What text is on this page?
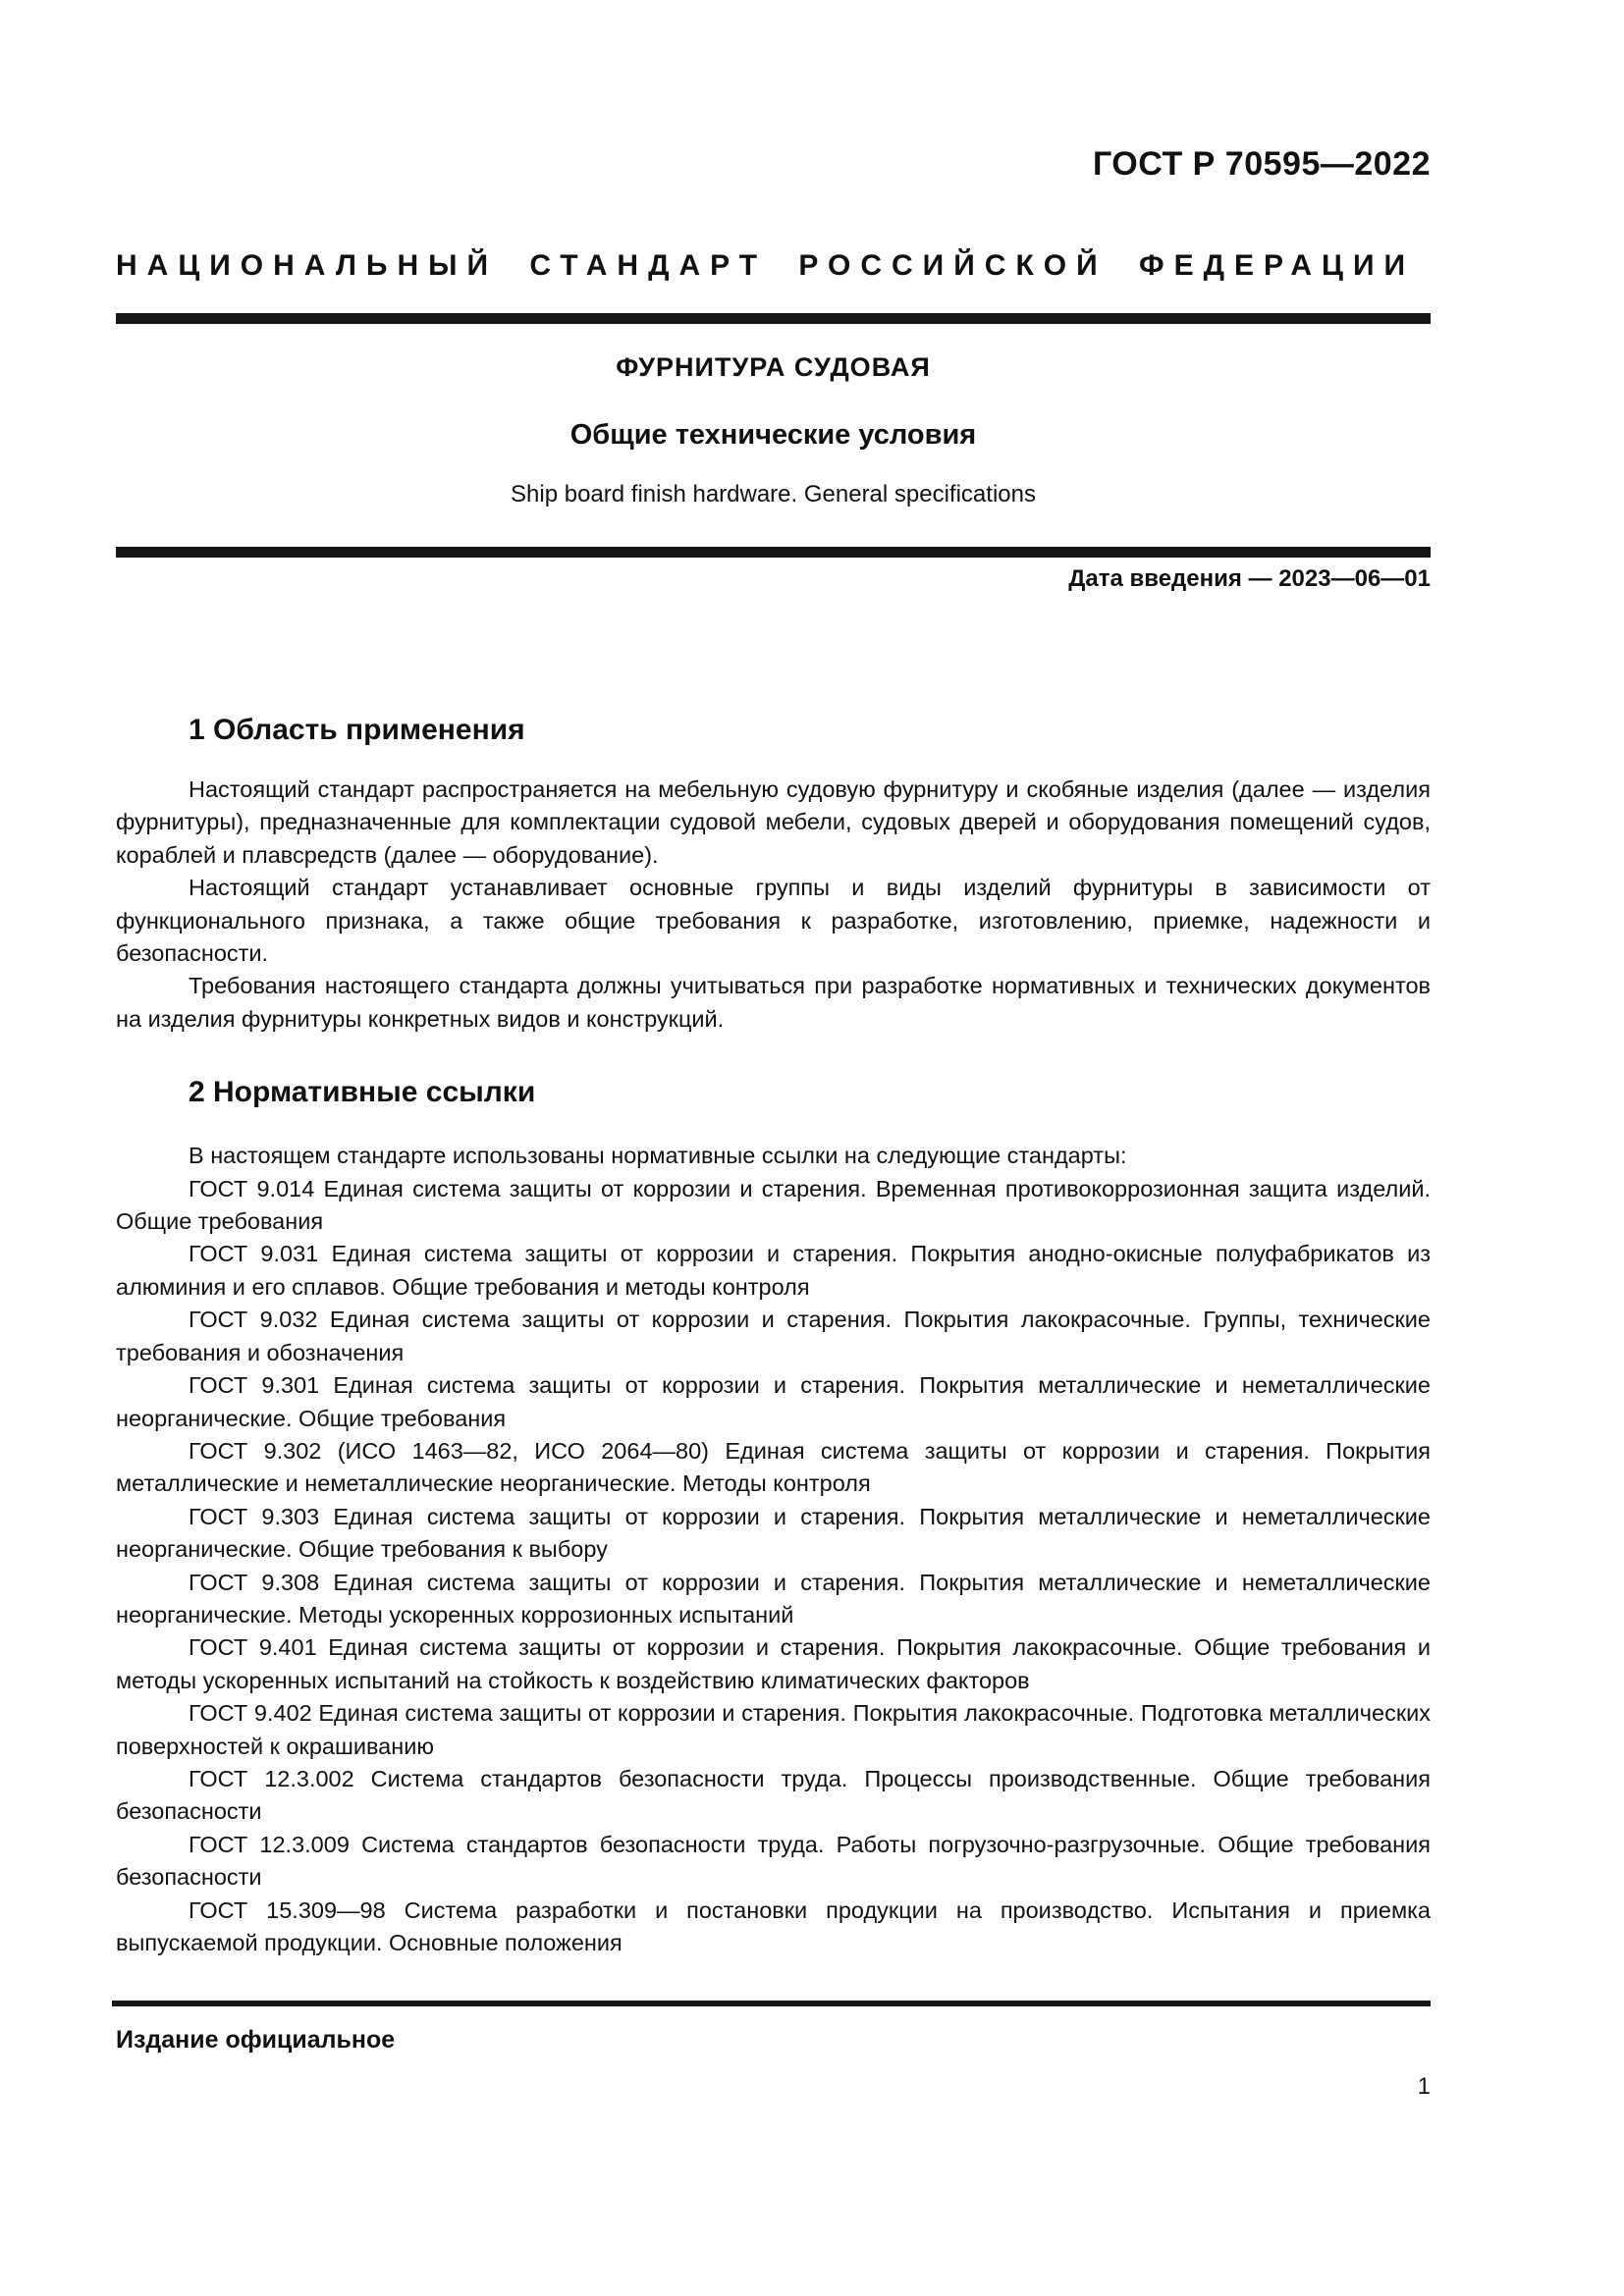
ГОСТ Р 70595—2022
НАЦИОНАЛЬНЫЙ СТАНДАРТ РОССИЙСКОЙ ФЕДЕРАЦИИ
ФУРНИТУРА СУДОВАЯ
Общие технические условия
Ship board finish hardware. General specifications
Дата введения — 2023—06—01
1 Область применения

Настоящий стандарт распространяется на мебельную судовую фурнитуру и скобяные изделия (далее — изделия фурнитуры), предназначенные для комплектации судовой мебели, судовых дверей и оборудования помещений судов, кораблей и плавсредств (далее — оборудование).

Настоящий стандарт устанавливает основные группы и виды изделий фурнитуры в зависимости от функционального признака, а также общие требования к разработке, изготовлению, приемке, надежности и безопасности.

Требования настоящего стандарта должны учитываться при разработке нормативных и технических документов на изделия фурнитуры конкретных видов и конструкций.

2 Нормативные ссылки

В настоящем стандарте использованы нормативные ссылки на следующие стандарты:

ГОСТ 9.014 Единая система защиты от коррозии и старения. Временная противокоррозионная защита изделий. Общие требования

ГОСТ 9.031 Единая система защиты от коррозии и старения. Покрытия анодно-окисные полуфабрикатов из алюминия и его сплавов. Общие требования и методы контроля

ГОСТ 9.032 Единая система защиты от коррозии и старения. Покрытия лакокрасочные. Группы, технические требования и обозначения

ГОСТ 9.301 Единая система защиты от коррозии и старения. Покрытия металлические и неметаллические неорганические. Общие требования

ГОСТ 9.302 (ИСО 1463—82, ИСО 2064—80) Единая система защиты от коррозии и старения. Покрытия металлические и неметаллические неорганические. Методы контроля

ГОСТ 9.303 Единая система защиты от коррозии и старения. Покрытия металлические и неметаллические неорганические. Общие требования к выбору

ГОСТ 9.308 Единая система защиты от коррозии и старения. Покрытия металлические и неметаллические неорганические. Методы ускоренных коррозионных испытаний

ГОСТ 9.401 Единая система защиты от коррозии и старения. Покрытия лакокрасочные. Общие требования и методы ускоренных испытаний на стойкость к воздействию климатических факторов

ГОСТ 9.402 Единая система защиты от коррозии и старения. Покрытия лакокрасочные. Подготовка металлических поверхностей к окрашиванию

ГОСТ 12.3.002 Система стандартов безопасности труда. Процессы производственные. Общие требования безопасности

ГОСТ 12.3.009 Система стандартов безопасности труда. Работы погрузочно-разгрузочные. Общие требования безопасности

ГОСТ 15.309—98 Система разработки и постановки продукции на производство. Испытания и приемка выпускаемой продукции. Основные положения

Издание официальное
1
